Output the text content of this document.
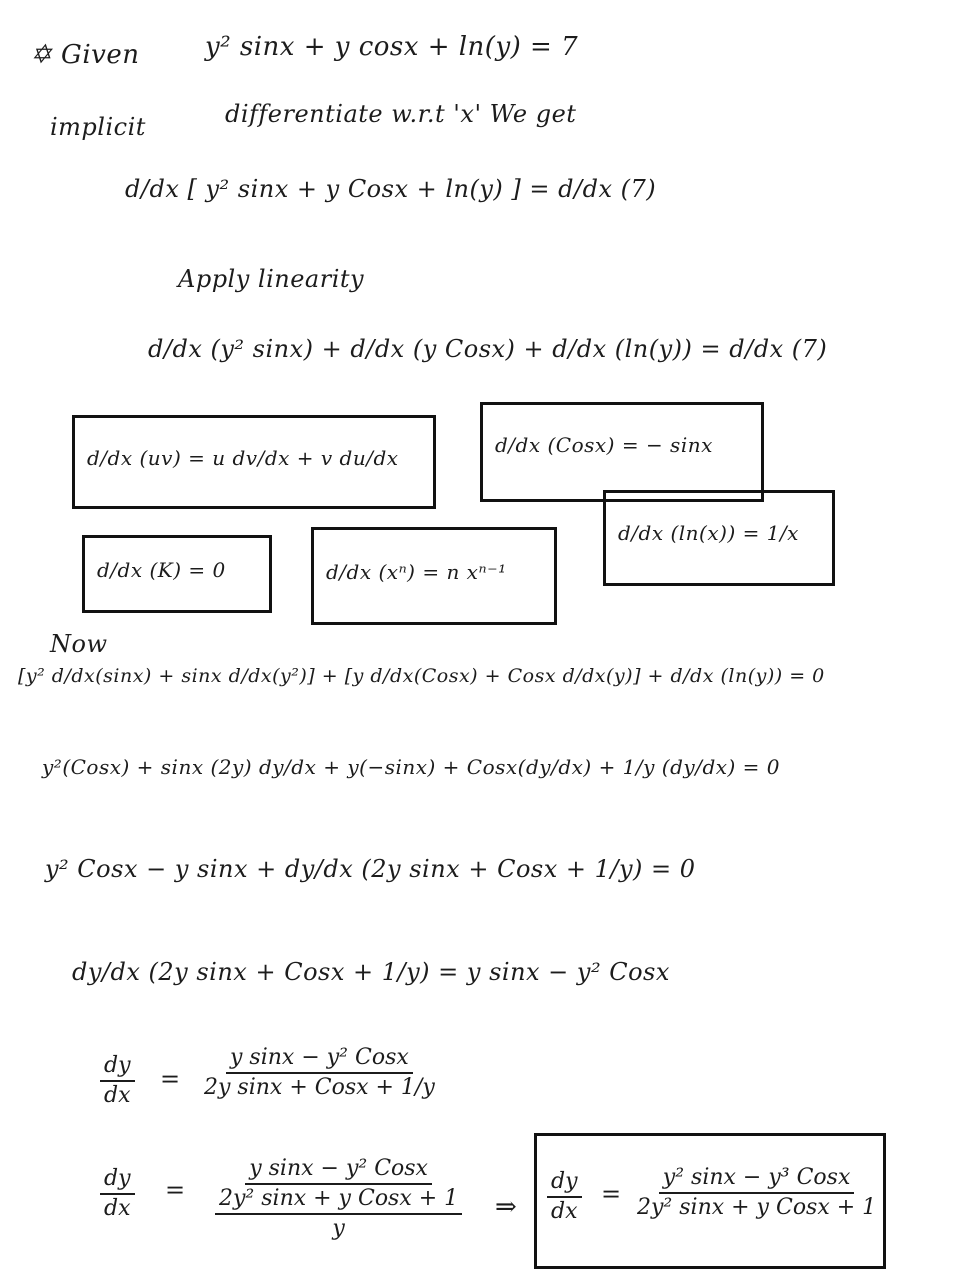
✡ Given	y² sinx + y cosx + ln(y) = 7
implicit	differentiate w.r.t 'x' We get
d/dx [ y² sinx + y Cosx + ln(y) ] = d/dx (7)
Apply linearity
d/dx (y² sinx) + d/dx (y Cosx) + d/dx (ln(y)) = d/dx (7)
d/dx (uv) = u dv/dx + v du/dx
d/dx (Cosx) = − sinx
d/dx (ln(x)) = 1/x
d/dx (K) = 0	d/dx (xⁿ) = n xⁿ⁻¹
Now
[y² d/dx(sinx) + sinx d/dx(y²)] + [y d/dx(Cosx) + Cosx d/dx(y)] + d/dx (ln(y)) = 0
y²(Cosx) + sinx (2y) dy/dx + y(−sinx) + Cosx(dy/dx) + 1/y (dy/dx) = 0
y² Cosx − y sinx + dy/dx (2y sinx + Cosx + 1/y) = 0
dy/dx (2y sinx + Cosx + 1/y) = y sinx − y² Cosx
$\frac{dy}{dx}$ =
y sinx − y² Cosx
2y sinx + Cosx + 1/y
$\frac{dy}{dx}$ =
y sinx − y² Cosx
2y² sinx + y Cosx + 1
y
⇒ $\frac{dy}{dx}$ =
y² sinx − y³ Cosx
2y² sinx + y Cosx + 1
